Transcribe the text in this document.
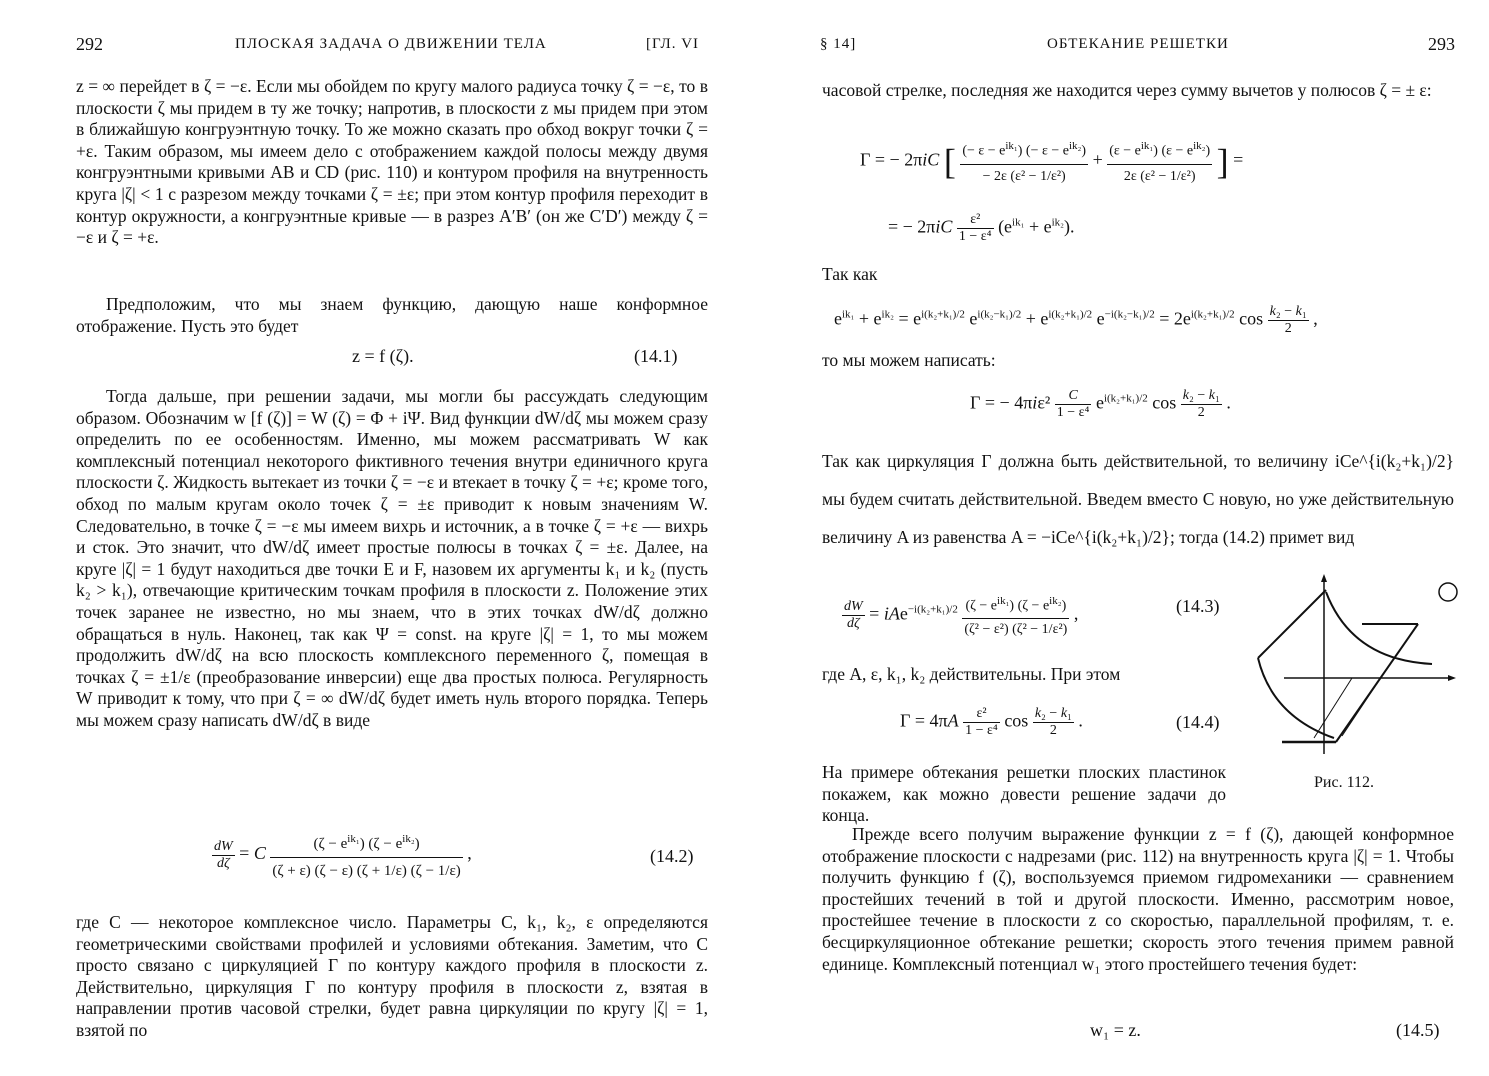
292	ПЛОСКАЯ ЗАДАЧА О ДВИЖЕНИИ ТЕЛА	[ГЛ. VI

z = ∞ перейдет в ζ = −ε. Если мы обойдем по кругу малого радиуса точку ζ = −ε, то в плоскости ζ мы придем в ту же точку; напротив, в плоскости z мы придем при этом в ближайшую конгруэнтную точку. То же можно сказать про обход вокруг точки ζ = +ε. Таким образом, мы имеем дело с отображением каждой полосы между двумя конгруэнтными кривыми AB и CD (рис. 110) и контуром профиля на внутренность круга |ζ| < 1 с разрезом между точками ζ = ±ε; при этом контур профиля переходит в контур окружности, а конгруэнтные кривые — в разрез A′B′ (он же C′D′) между ζ = −ε и ζ = +ε.

Предположим, что мы знаем функцию, дающую наше конформное отображение. Пусть это будет

z = f (ζ).	(14.1)

Тогда дальше, при решении задачи, мы могли бы рассуждать следующим образом. Обозначим w [f (ζ)] = W (ζ) = Φ + iΨ. Вид функции dW/dζ мы можем сразу определить по ее особенностям. Именно, мы можем рассматривать W как комплексный потенциал некоторого фиктивного течения внутри единичного круга плоскости ζ. Жидкость вытекает из точки ζ = −ε и втекает в точку ζ = +ε; кроме того, обход по малым кругам около точек ζ = ±ε приводит к новым значениям W. Следовательно, в точке ζ = −ε мы имеем вихрь и источник, а в точке ζ = +ε — вихрь и сток. Это значит, что dW/dζ имеет простые полюсы в точках ζ = ±ε. Далее, на круге |ζ| = 1 будут находиться две точки E и F, назовем их аргументы k₁ и k₂ (пусть k₂ > k₁), отвечающие критическим точкам профиля в плоскости z. Положение этих точек заранее не известно, но мы знаем, что в этих точках dW/dζ должно обращаться в нуль. Наконец, так как Ψ = const. на круге |ζ| = 1, то мы можем продолжить dW/dζ на всю плоскость комплексного переменного ζ, помещая в точках ζ = ±1/ε (преобразование инверсии) еще два простых полюса. Регулярность W приводит к тому, что при ζ = ∞ dW/dζ будет иметь нуль второго порядка. Теперь мы можем сразу написать dW/dζ в виде

$\frac{dW}{d\zeta} = C \frac{(\zeta - e^{ik_1}) (\zeta - e^{ik_2})}{(\zeta + \varepsilon) (\zeta - \varepsilon) (\zeta + 1/\varepsilon) (\zeta - 1/\varepsilon)}$ ,	(14.2)

где C — некоторое комплексное число. Параметры C, k₁, k₂, ε определяются геометрическими свойствами профилей и условиями обтекания. Заметим, что C просто связано с циркуляцией Γ по контуру каждого профиля в плоскости z. Действительно, циркуляция Γ по контуру профиля в плоскости z, взятая в направлении против часовой стрелки, будет равна циркуляции по кругу |ζ| = 1, взятой по

§ 14]	ОБТЕКАНИЕ РЕШЕТКИ	293

часовой стрелке, последняя же находится через сумму вычетов у полюсов ζ = ± ε:

Γ = − 2πiC [ $\frac{(- \varepsilon - e^{ik_1}) (- \varepsilon - e^{ik_2})}{\text{− 2ε (ε² − 1/ε²)}} + \frac{(\varepsilon - e^{ik_1}) (\varepsilon - e^{ik_2})}{\text{2ε (ε² − 1/ε²)}}$ ] =
= − $2\pi iC \frac{\text{ε²}}{\text{1 − ε⁴}} (e^{ik_1} + e^{ik_2})$.

Так как

$e^{ik_1} + e^{ik_2} = e^{i(k_2+k_1)/2}$ $e^{i(k_2-k_1)/2} + e^{i(k_2+k_1)/2}$ $e^{-i(k_2-k_1)/2} = 2e^{i(k_2+k_1)/2}$ $\cos \frac{\text{k₂ − k₁}}{2}$ ,

то мы можем написать:

Γ = − $4\pi i\varepsilon^2 \frac{C}{\text{1 − ε⁴}} e^{i(k_2+k_1)/2}$ $\cos \frac{\text{k₂ − k₁}}{2}$ .

Так как циркуляция Γ должна быть действительной, то величину iCe^{i(k₂+k₁)/2} мы будем считать действительной. Введем вместо C новую, но уже действительную величину A из равенства A = −iCe^{i(k₂+k₁)/2}; тогда (14.2) примет вид

$\frac{dW}{d\zeta} = iAe^{-i(k_2+k_1)/2} \frac{(\zeta - e^{ik_1}) (\zeta - e^{ik_2})}{\text{(ζ² − ε²) (ζ² − 1/ε²)}}$ ,	(14.3)

где A, ε, k₁, k₂ действительны. При этом

$\Gamma = 4\pi A \frac{\text{ε²}}{\text{1 − ε⁴}}$ $\cos \frac{\text{k₂ − k₁}}{2}$ .	(14.4)

На примере обтекания решетки плоских пластинок покажем, как можно довести решение задачи до конца.

Рис. 112.

Прежде всего получим выражение функции z = f (ζ), дающей конформное отображение плоскости с надрезами (рис. 112) на внутренность круга |ζ| = 1. Чтобы получить функцию f (ζ), воспользуемся приемом гидромеханики — сравнением простейших течений в той и другой плоскости. Именно, рассмотрим новое, простейшее течение в плоскости z со скоростью, параллельной профилям, т. е. бесциркуляционное обтекание решетки; скорость этого течения примем равной единице. Комплексный потенциал w₁ этого простейшего течения будет:

w₁ = z.	(14.5)
